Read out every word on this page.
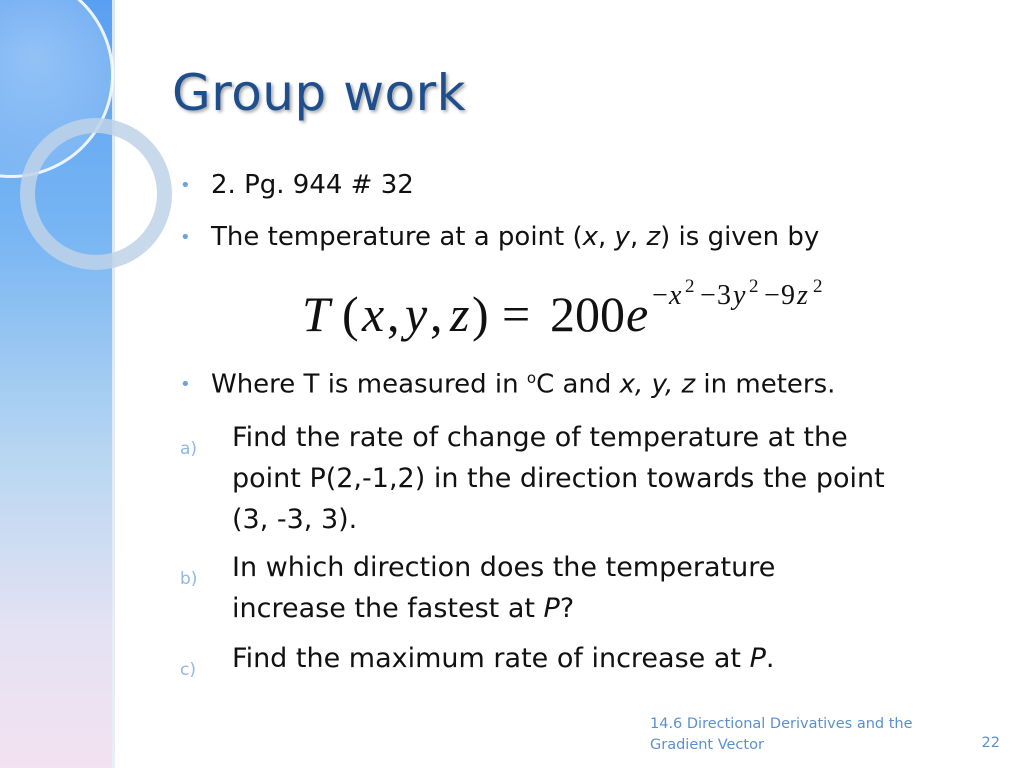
Group work
• 2. Pg. 944 # 32
• The temperature at a point (x, y, z) is given by
T ( x , y , z ) = 200 e − x 2 − 3 y 2 − 9 z 2
• Where T is measured in $^o$C and x, y, z in meters.
a) Find the rate of change of temperature at the
point P(2,-1,2) in the direction towards the point
(3, -3, 3).
b) In which direction does the temperature
increase the fastest at P?
c) Find the maximum rate of increase at P.
14.6 Directional Derivatives and the
Gradient Vector	22
